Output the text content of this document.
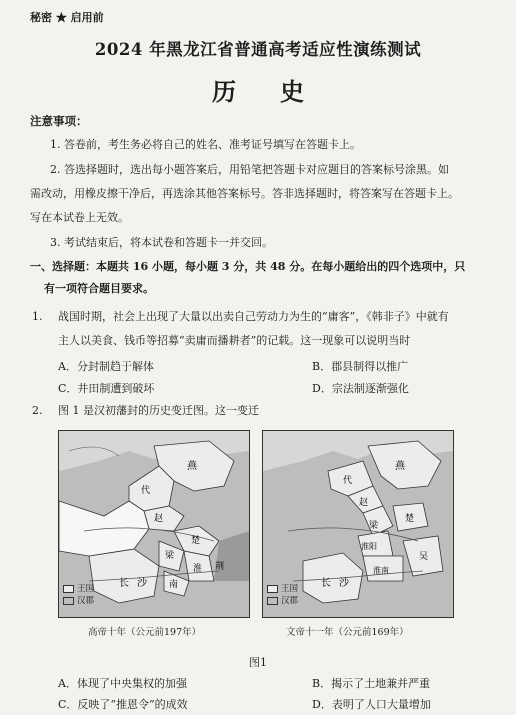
秘密 ★ 启用前
2024 年黑龙江省普通高考适应性演练测试
历史
注意事项：
1. 答卷前，考生务必将自己的姓名、准考证号填写在答题卡上。
2. 答选择题时，选出每小题答案后，用铅笔把答题卡对应题目的答案标号涂黑。如
需改动，用橡皮擦干净后，再选涂其他答案标号。答非选择题时，将答案写在答题卡上。
写在本试卷上无效。
3. 考试结束后，将本试卷和答题卡一并交回。
一、选择题：本题共 16 小题，每小题 3 分，共 48 分。在每小题给出的四个选项中，只
有一项符合题目要求。
1. 战国时期，社会上出现了大量以出卖自己劳动力为生的“庸客”，《韩非子》中就有
主人以美食、钱币等招募“卖庸而播耕者”的记载。这一现象可以说明当时
A．分封制趋于解体	B．郡县制得以推广
C．井田制遭到破坏	D．宗法制逐渐强化
2. 图 1 是汉初藩封的历史变迁图。这一变迁
燕
代
赵
楚
梁
淮 荆
南
长 沙
王国
汉郡
高帝十年（公元前197年）
燕
代
赵
梁
楚
淮阳
吴
长 沙
淮南
王国
汉郡
文帝十一年（公元前169年）
图1
A．体现了中央集权的加强	B．揭示了土地兼并严重
C．反映了“推恩令”的成效	D．表明了人口大量增加
